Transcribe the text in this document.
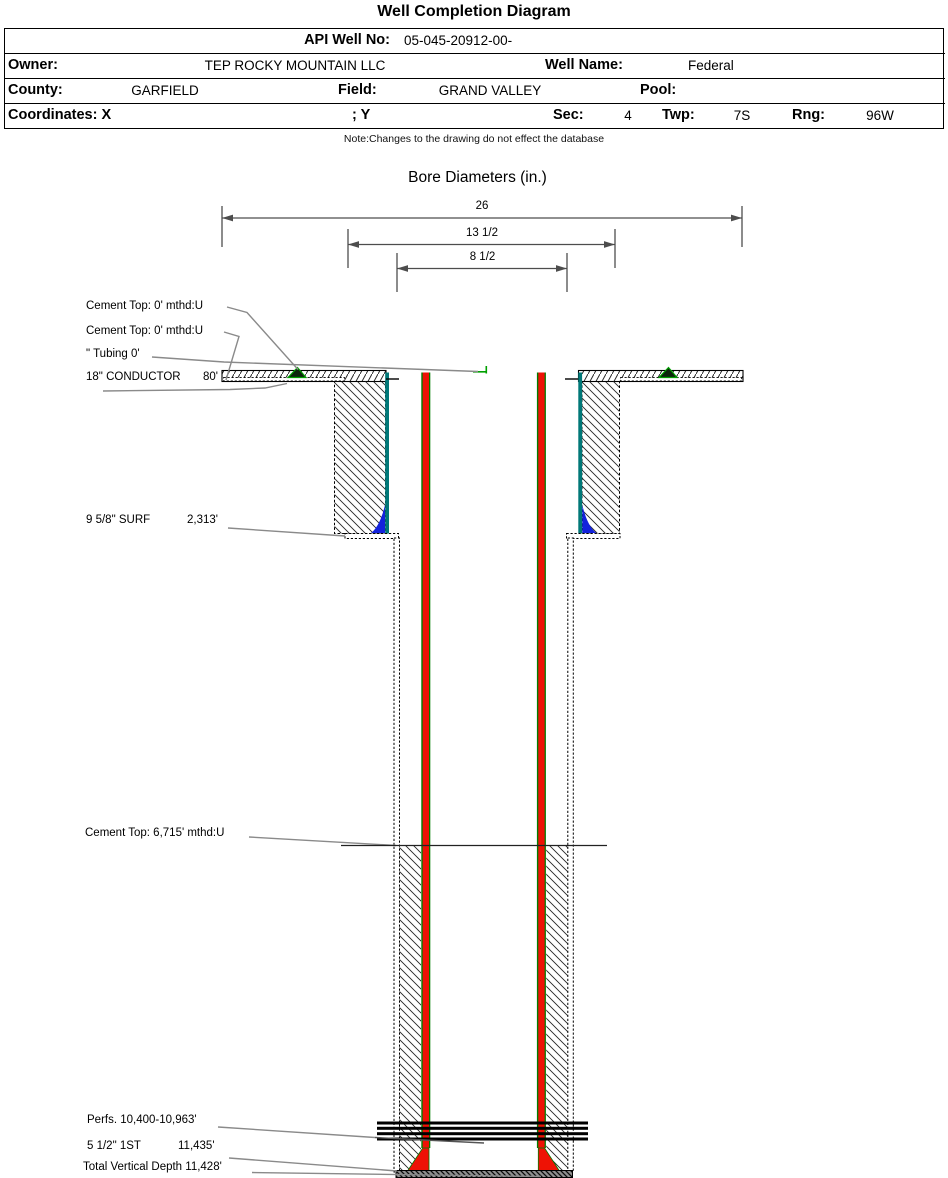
Well Completion Diagram
API Well No: 05-045-20912-00-
Owner:	TEP ROCKY MOUNTAIN LLC	Well Name:	Federal
County:	GARFIELD	Field:	GRAND VALLEY	Pool:
Coordinates: X	; Y	Sec:	4	Twp:	7S	Rng:	96W
Note:Changes to the drawing do not effect the database
Bore Diameters (in.)
26
13 1/2
8 1/2
Cement Top: 0' mthd:U
Cement Top: 0' mthd:U
" Tubing 0'
18" CONDUCTOR	80'
9 5/8" SURF	2,313'
Cement Top: 6,715' mthd:U
Perfs. 10,400-10,963'
5 1/2" 1ST	11,435'
Total Vertical Depth 11,428'
